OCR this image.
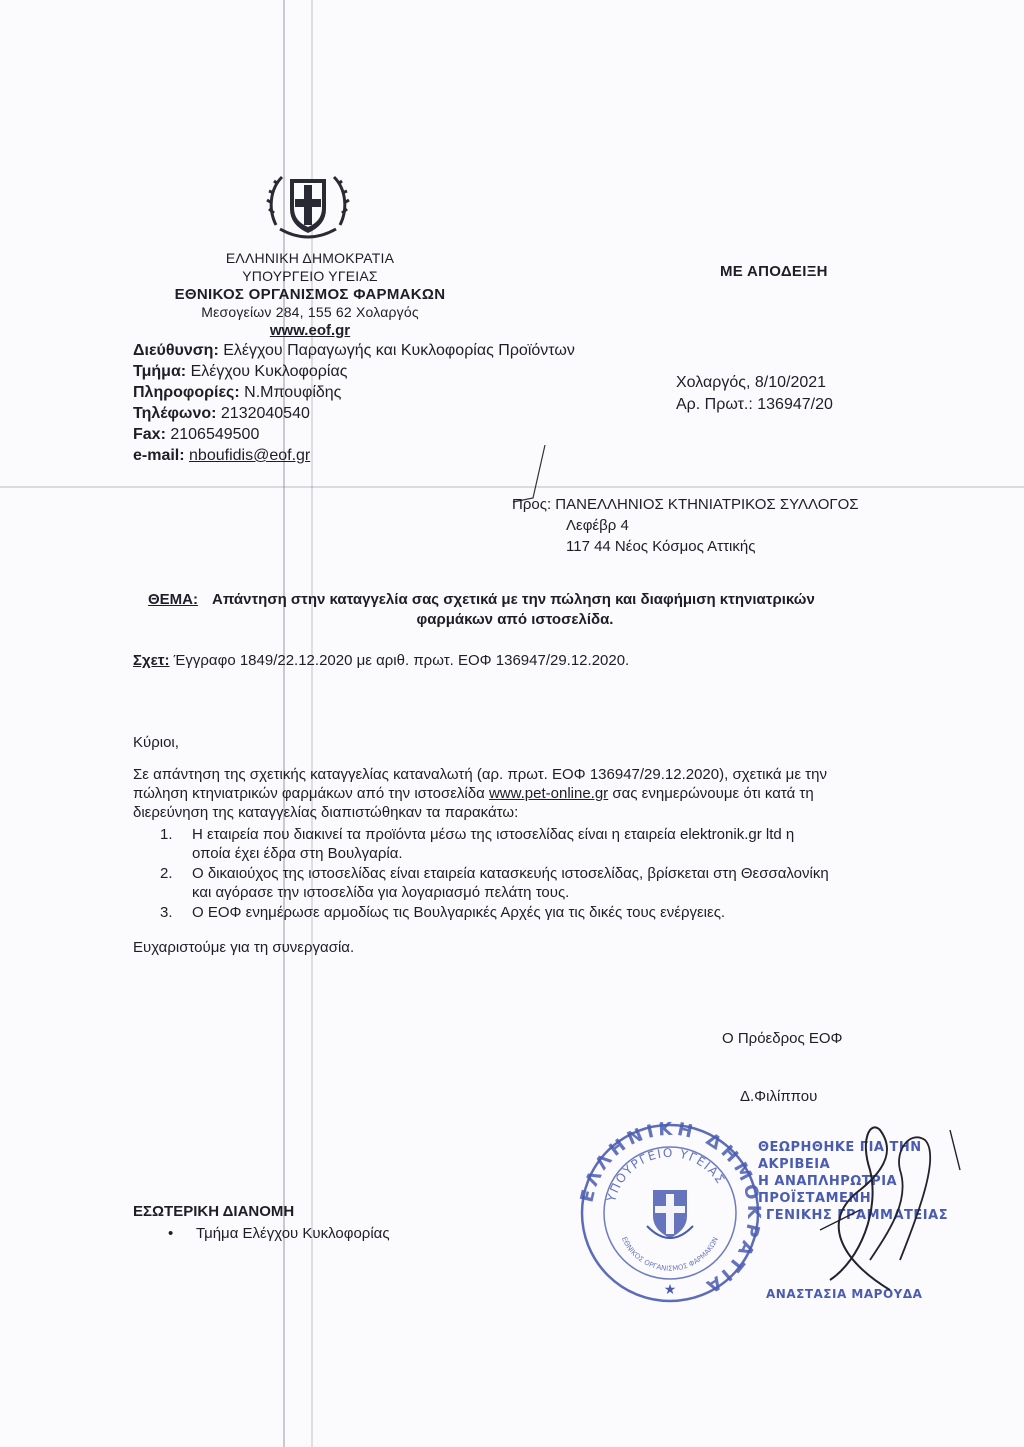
ΕΛΛΗΝΙΚΗ ΔΗΜΟΚΡΑΤΙΑ
ΥΠΟΥΡΓΕΙΟ ΥΓΕΙΑΣ
ΕΘΝΙΚΟΣ ΟΡΓΑΝΙΣΜΟΣ ΦΑΡΜΑΚΩΝ
Μεσογείων 284, 155 62 Χολαργός
www.eof.gr
ΜΕ ΑΠΟΔΕΙΞΗ
Διεύθυνση: Ελέγχου Παραγωγής και Κυκλοφορίας Προϊόντων
Τμήμα: Ελέγχου Κυκλοφορίας
Πληροφορίες: Ν.Μπουφίδης
Τηλέφωνο: 2132040540
Fax: 2106549500
e-mail: nboufidis@eof.gr
Χολαργός, 8/10/2021
Αρ. Πρωτ.: 136947/20
Προς: ΠΑΝΕΛΛΗΝΙΟΣ ΚΤΗΝΙΑΤΡΙΚΟΣ ΣΥΛΛΟΓΟΣ
Λεφέβρ 4
117 44 Νέος Κόσμος Αττικής
ΘΕΜΑ: Απάντηση στην καταγγελία σας σχετικά με την πώληση και διαφήμιση κτηνιατρικών
φαρμάκων από ιστοσελίδα.
Σχετ: Έγγραφο 1849/22.12.2020 με αριθ. πρωτ. ΕΟΦ 136947/29.12.2020.
Κύριοι,
Σε απάντηση της σχετικής καταγγελίας καταναλωτή (αρ. πρωτ. ΕΟΦ 136947/29.12.2020), σχετικά με την
πώληση κτηνιατρικών φαρμάκων από την ιστοσελίδα www.pet-online.gr σας ενημερώνουμε ότι κατά τη
διερεύνηση της καταγγελίας διαπιστώθηκαν τα παρακάτω:
1.	Η εταιρεία που διακινεί τα προϊόντα μέσω της ιστοσελίδας είναι η εταιρεία elektronik.gr ltd η
οποία έχει έδρα στη Βουλγαρία.
2.	Ο δικαιούχος της ιστοσελίδας είναι εταιρεία κατασκευής ιστοσελίδας, βρίσκεται στη Θεσσαλονίκη
και αγόρασε την ιστοσελίδα για λογαριασμό πελάτη τους.
3.	Ο ΕΟΦ ενημέρωσε αρμοδίως τις Βουλγαρικές Αρχές για τις δικές τους ενέργειες.
Ευχαριστούμε για τη συνεργασία.
Ο Πρόεδρος ΕΟΦ
Δ.Φιλίππου
ΕΛΛΗΝΙΚΗ ΔΗΜΟΚΡΑΤΙΑ
ΥΠΟΥΡΓΕΙΟ ΥΓΕΙΑΣ
ΕΘΝΙΚΟΣ ΟΡΓΑΝΙΣΜΟΣ ΦΑΡΜΑΚΩΝ
★
ΘΕΩΡΗΘΗΚΕ ΓΙΑ ΤΗΝ ΑΚΡΙΒΕΙΑ
Η ΑΝΑΠΛΗΡΩΤΡΙΑ ΠΡΟΪΣΤΑΜΕΝΗ
ΓΕΝΙΚΗΣ ΓΡΑΜΜΑΤΕΙΑΣ
ΑΝΑΣΤΑΣΙΑ ΜΑΡΟΥΔΑ
ΕΣΩΤΕΡΙΚΗ ΔΙΑΝΟΜΗ
• Τμήμα Ελέγχου Κυκλοφορίας
